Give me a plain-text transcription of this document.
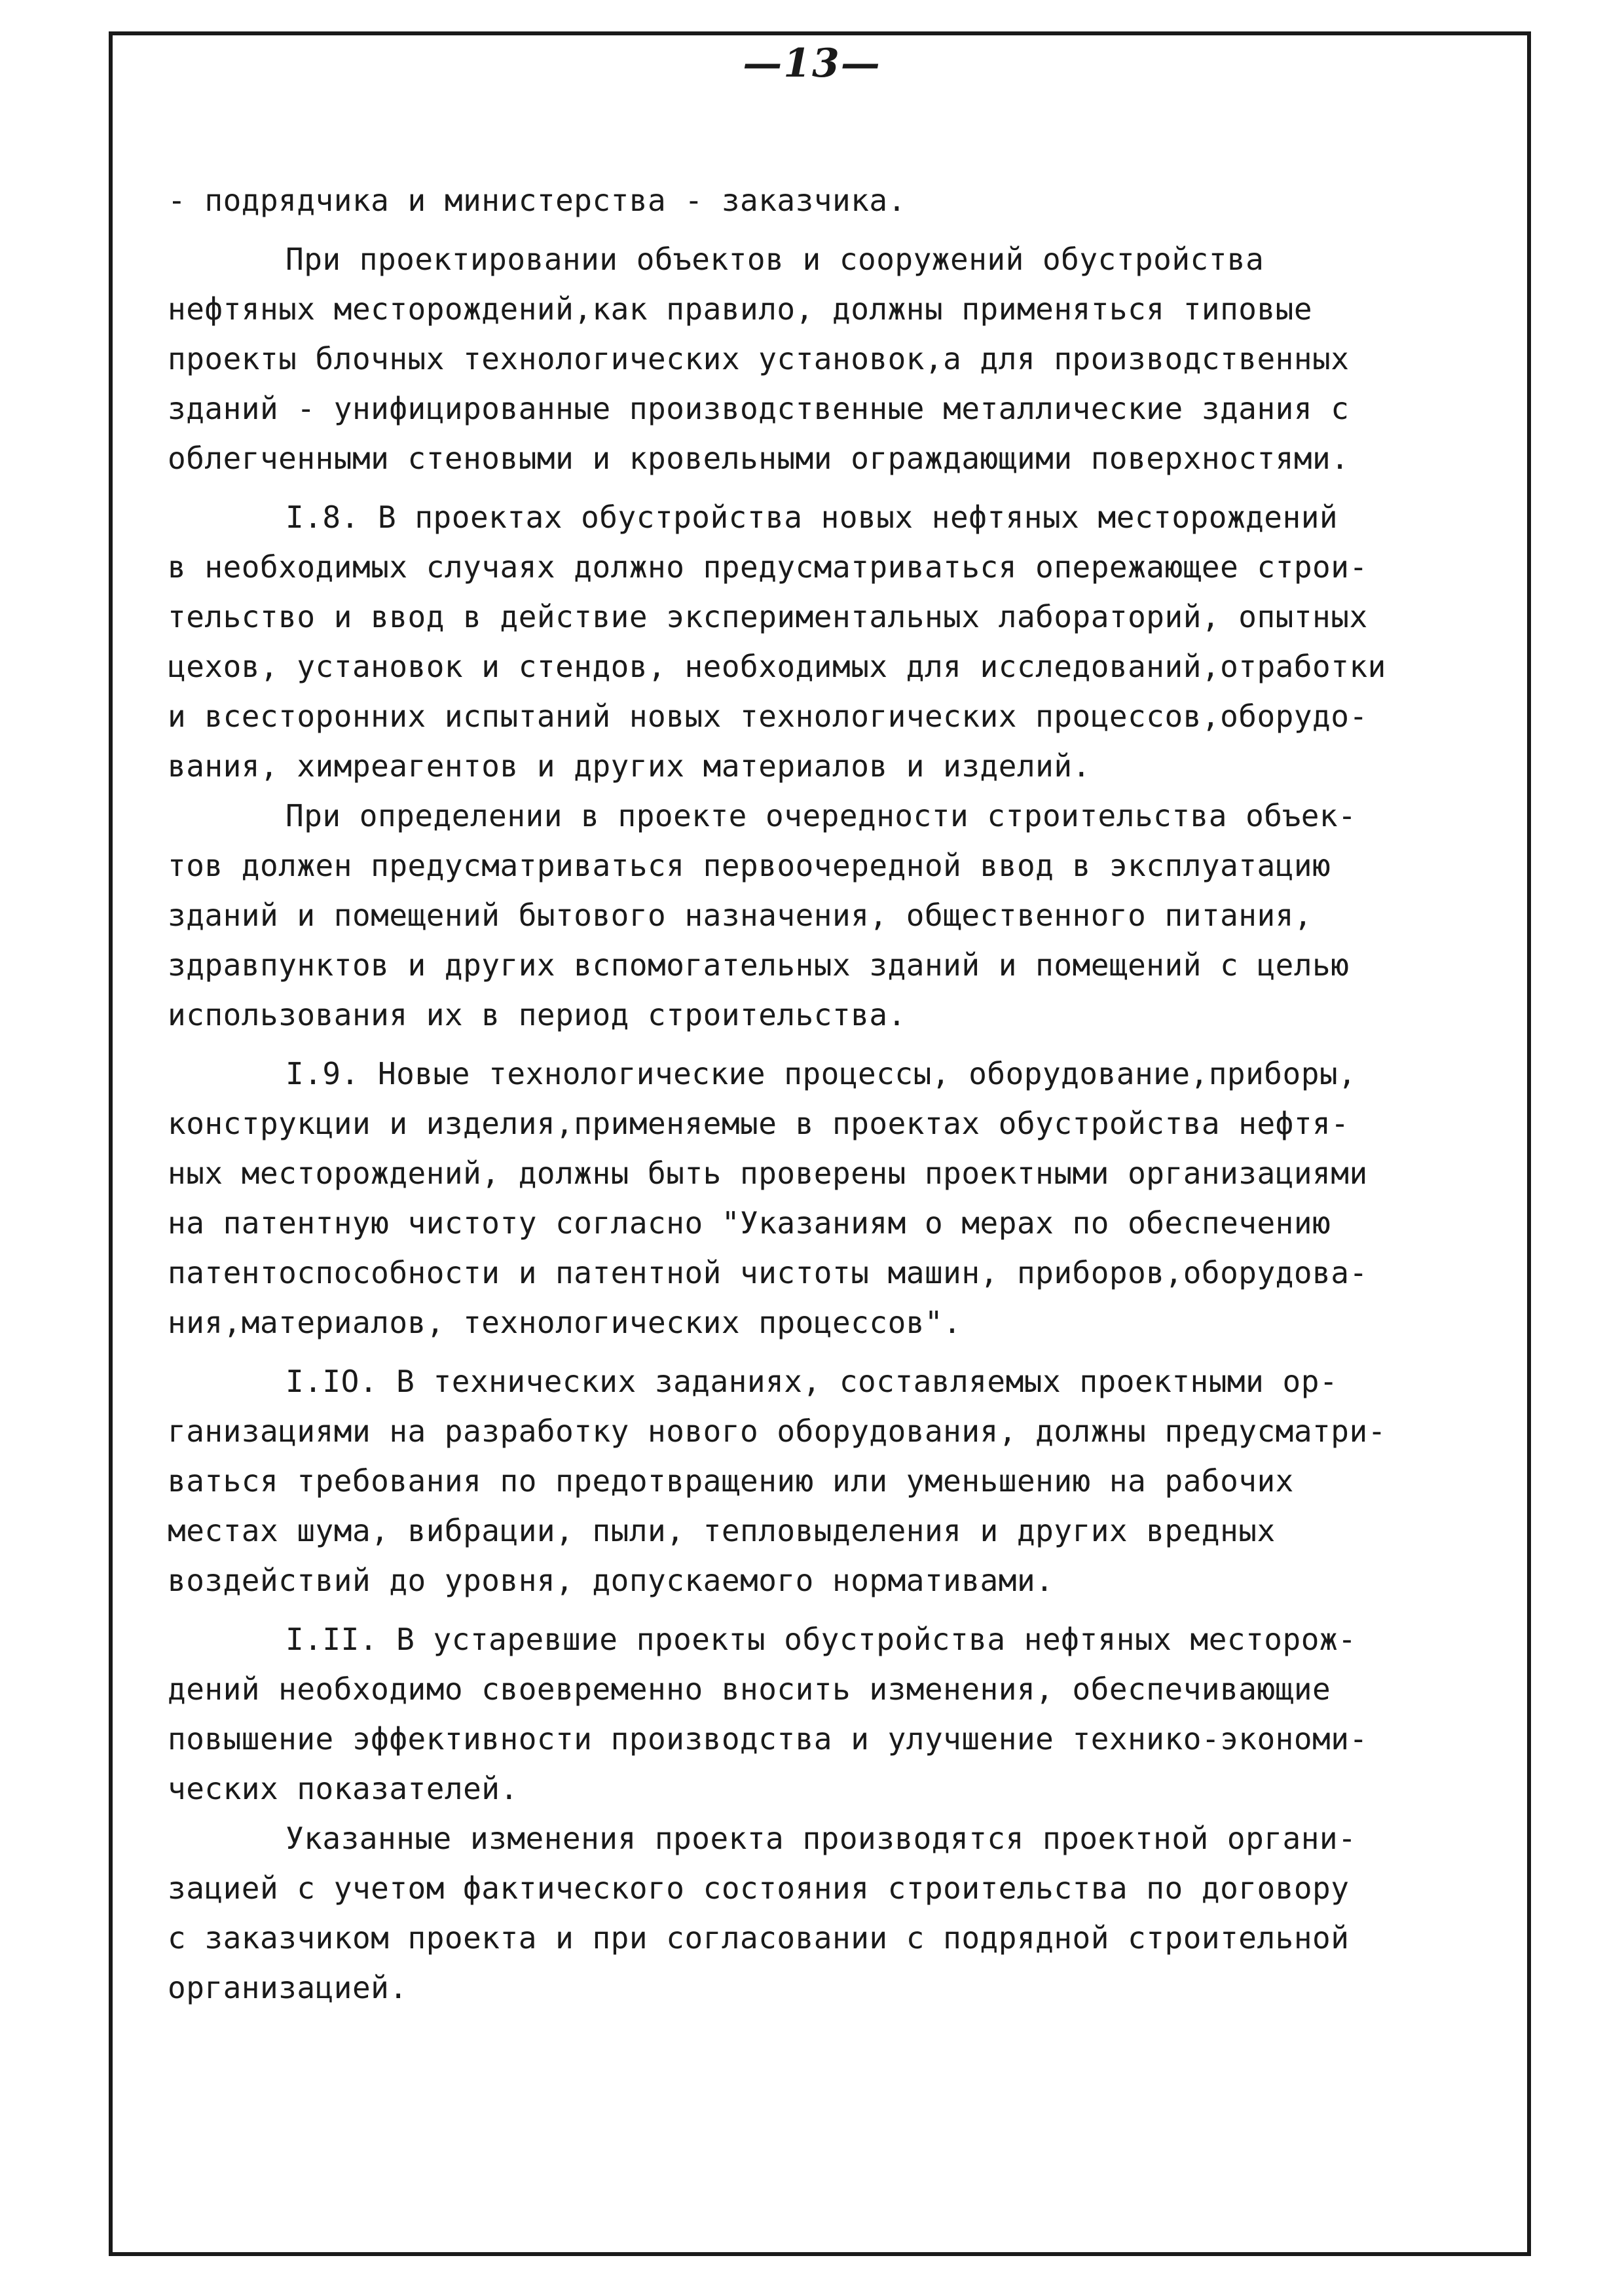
—13—
- подрядчика и министерства - заказчика.
При проектировании объектов и сооружений обустройства
нефтяных месторождений,как правило, должны применяться типовые
проекты блочных технологических установок,а для производственных
зданий - унифицированные производственные металлические здания с
облегченными стеновыми и кровельными ограждающими поверхностями.
I.8. В проектах обустройства новых нефтяных месторождений
в необходимых случаях должно предусматриваться опережающее строи-
тельство и ввод в действие экспериментальных лабораторий, опытных
цехов, установок и стендов, необходимых для исследований,отработки
и всесторонних испытаний новых технологических процессов,оборудо-
вания, химреагентов и других материалов и изделий.
При определении в проекте очередности строительства объек-
тов должен предусматриваться первоочередной ввод в эксплуатацию
зданий и помещений бытового назначения, общественного питания,
здравпунктов и других вспомогательных зданий и помещений с целью
использования их в период строительства.
I.9. Новые технологические процессы, оборудование,приборы,
конструкции и изделия,применяемые в проектах обустройства нефтя-
ных месторождений, должны быть проверены проектными организациями
на патентную чистоту согласно "Указаниям о мерах по обеспечению
патентоспособности и патентной чистоты машин, приборов,оборудова-
ния,материалов, технологических процессов".
I.IO. В технических заданиях, составляемых проектными ор-
ганизациями на разработку нового оборудования, должны предусматри-
ваться требования по предотвращению или уменьшению на рабочих
местах шума, вибрации, пыли, тепловыделения и других вредных
воздействий до уровня, допускаемого нормативами.
I.II. В устаревшие проекты обустройства нефтяных месторож-
дений необходимо своевременно вносить изменения, обеспечивающие
повышение эффективности производства и улучшение технико-экономи-
ческих показателей.
Указанные изменения проекта производятся проектной органи-
зацией с учетом фактического состояния строительства по договору
с заказчиком проекта и при согласовании с подрядной строительной
организацией.
